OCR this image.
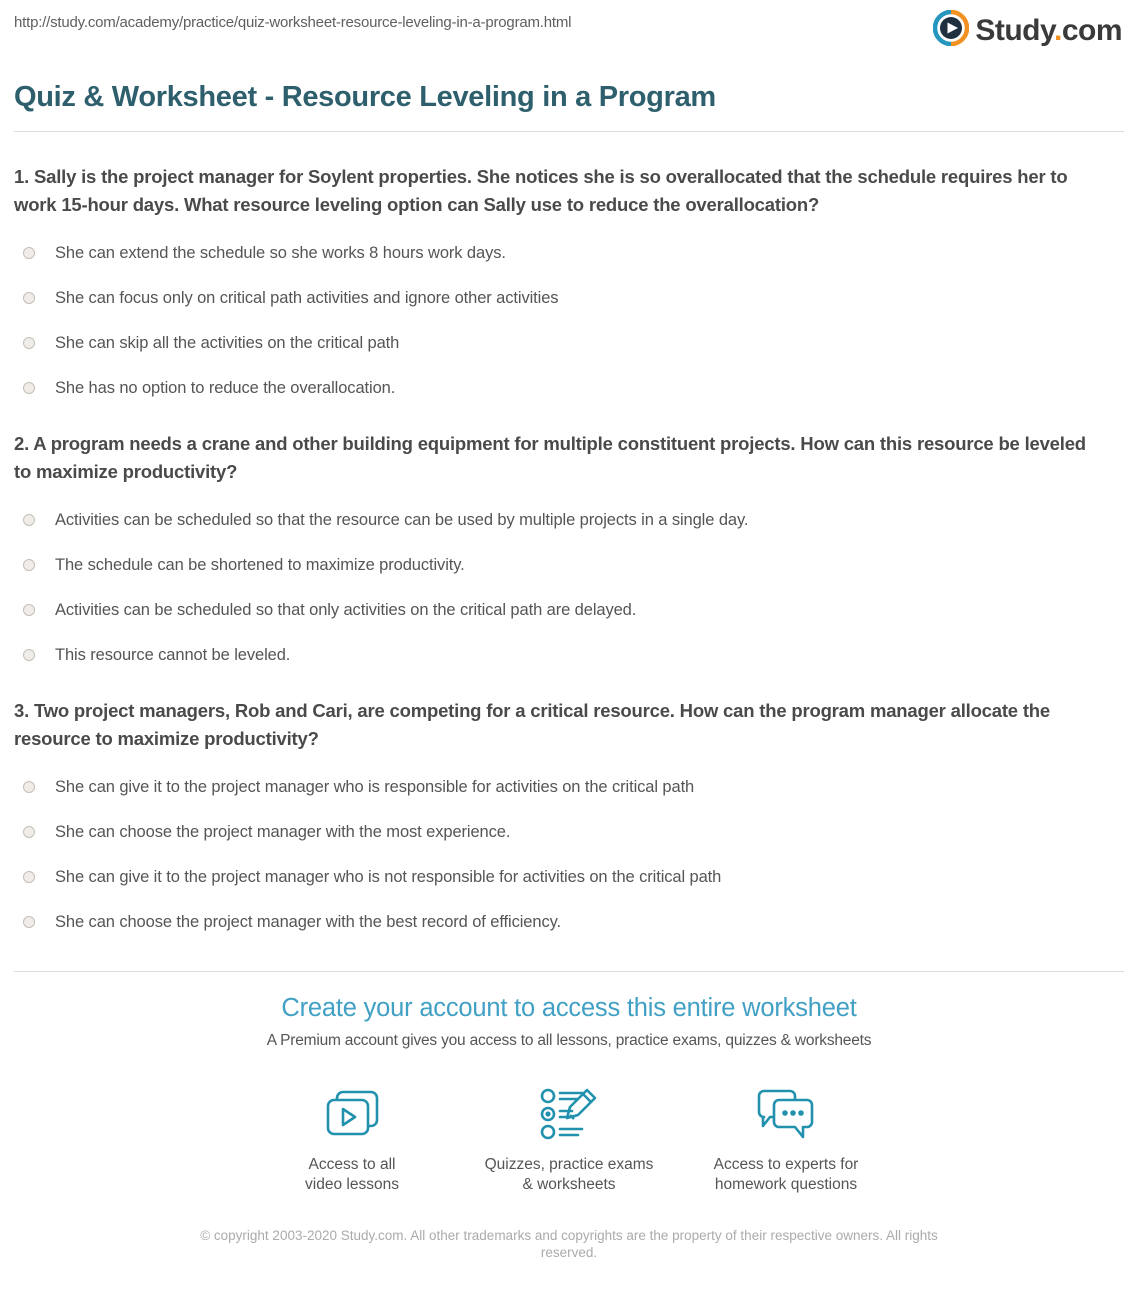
http://study.com/academy/practice/quiz-worksheet-resource-leveling-in-a-program.html	Study.com
Quiz & Worksheet - Resource Leveling in a Program
1. Sally is the project manager for Soylent properties. She notices she is so overallocated that the schedule requires her to work 15-hour days. What resource leveling option can Sally use to reduce the overallocation?
She can extend the schedule so she works 8 hours work days.
She can focus only on critical path activities and ignore other activities
She can skip all the activities on the critical path
She has no option to reduce the overallocation.
2. A program needs a crane and other building equipment for multiple constituent projects. How can this resource be leveled to maximize productivity?
Activities can be scheduled so that the resource can be used by multiple projects in a single day.
The schedule can be shortened to maximize productivity.
Activities can be scheduled so that only activities on the critical path are delayed.
This resource cannot be leveled.
3. Two project managers, Rob and Cari, are competing for a critical resource. How can the program manager allocate the resource to maximize productivity?
She can give it to the project manager who is responsible for activities on the critical path
She can choose the project manager with the most experience.
She can give it to the project manager who is not responsible for activities on the critical path
She can choose the project manager with the best record of efficiency.
Create your account to access this entire worksheet
A Premium account gives you access to all lessons, practice exams, quizzes & worksheets
Access to all
video lessons
Quizzes, practice exams
& worksheets
Access to experts for
homework questions
© copyright 2003-2020 Study.com. All other trademarks and copyrights are the property of their respective owners. All rights reserved.
